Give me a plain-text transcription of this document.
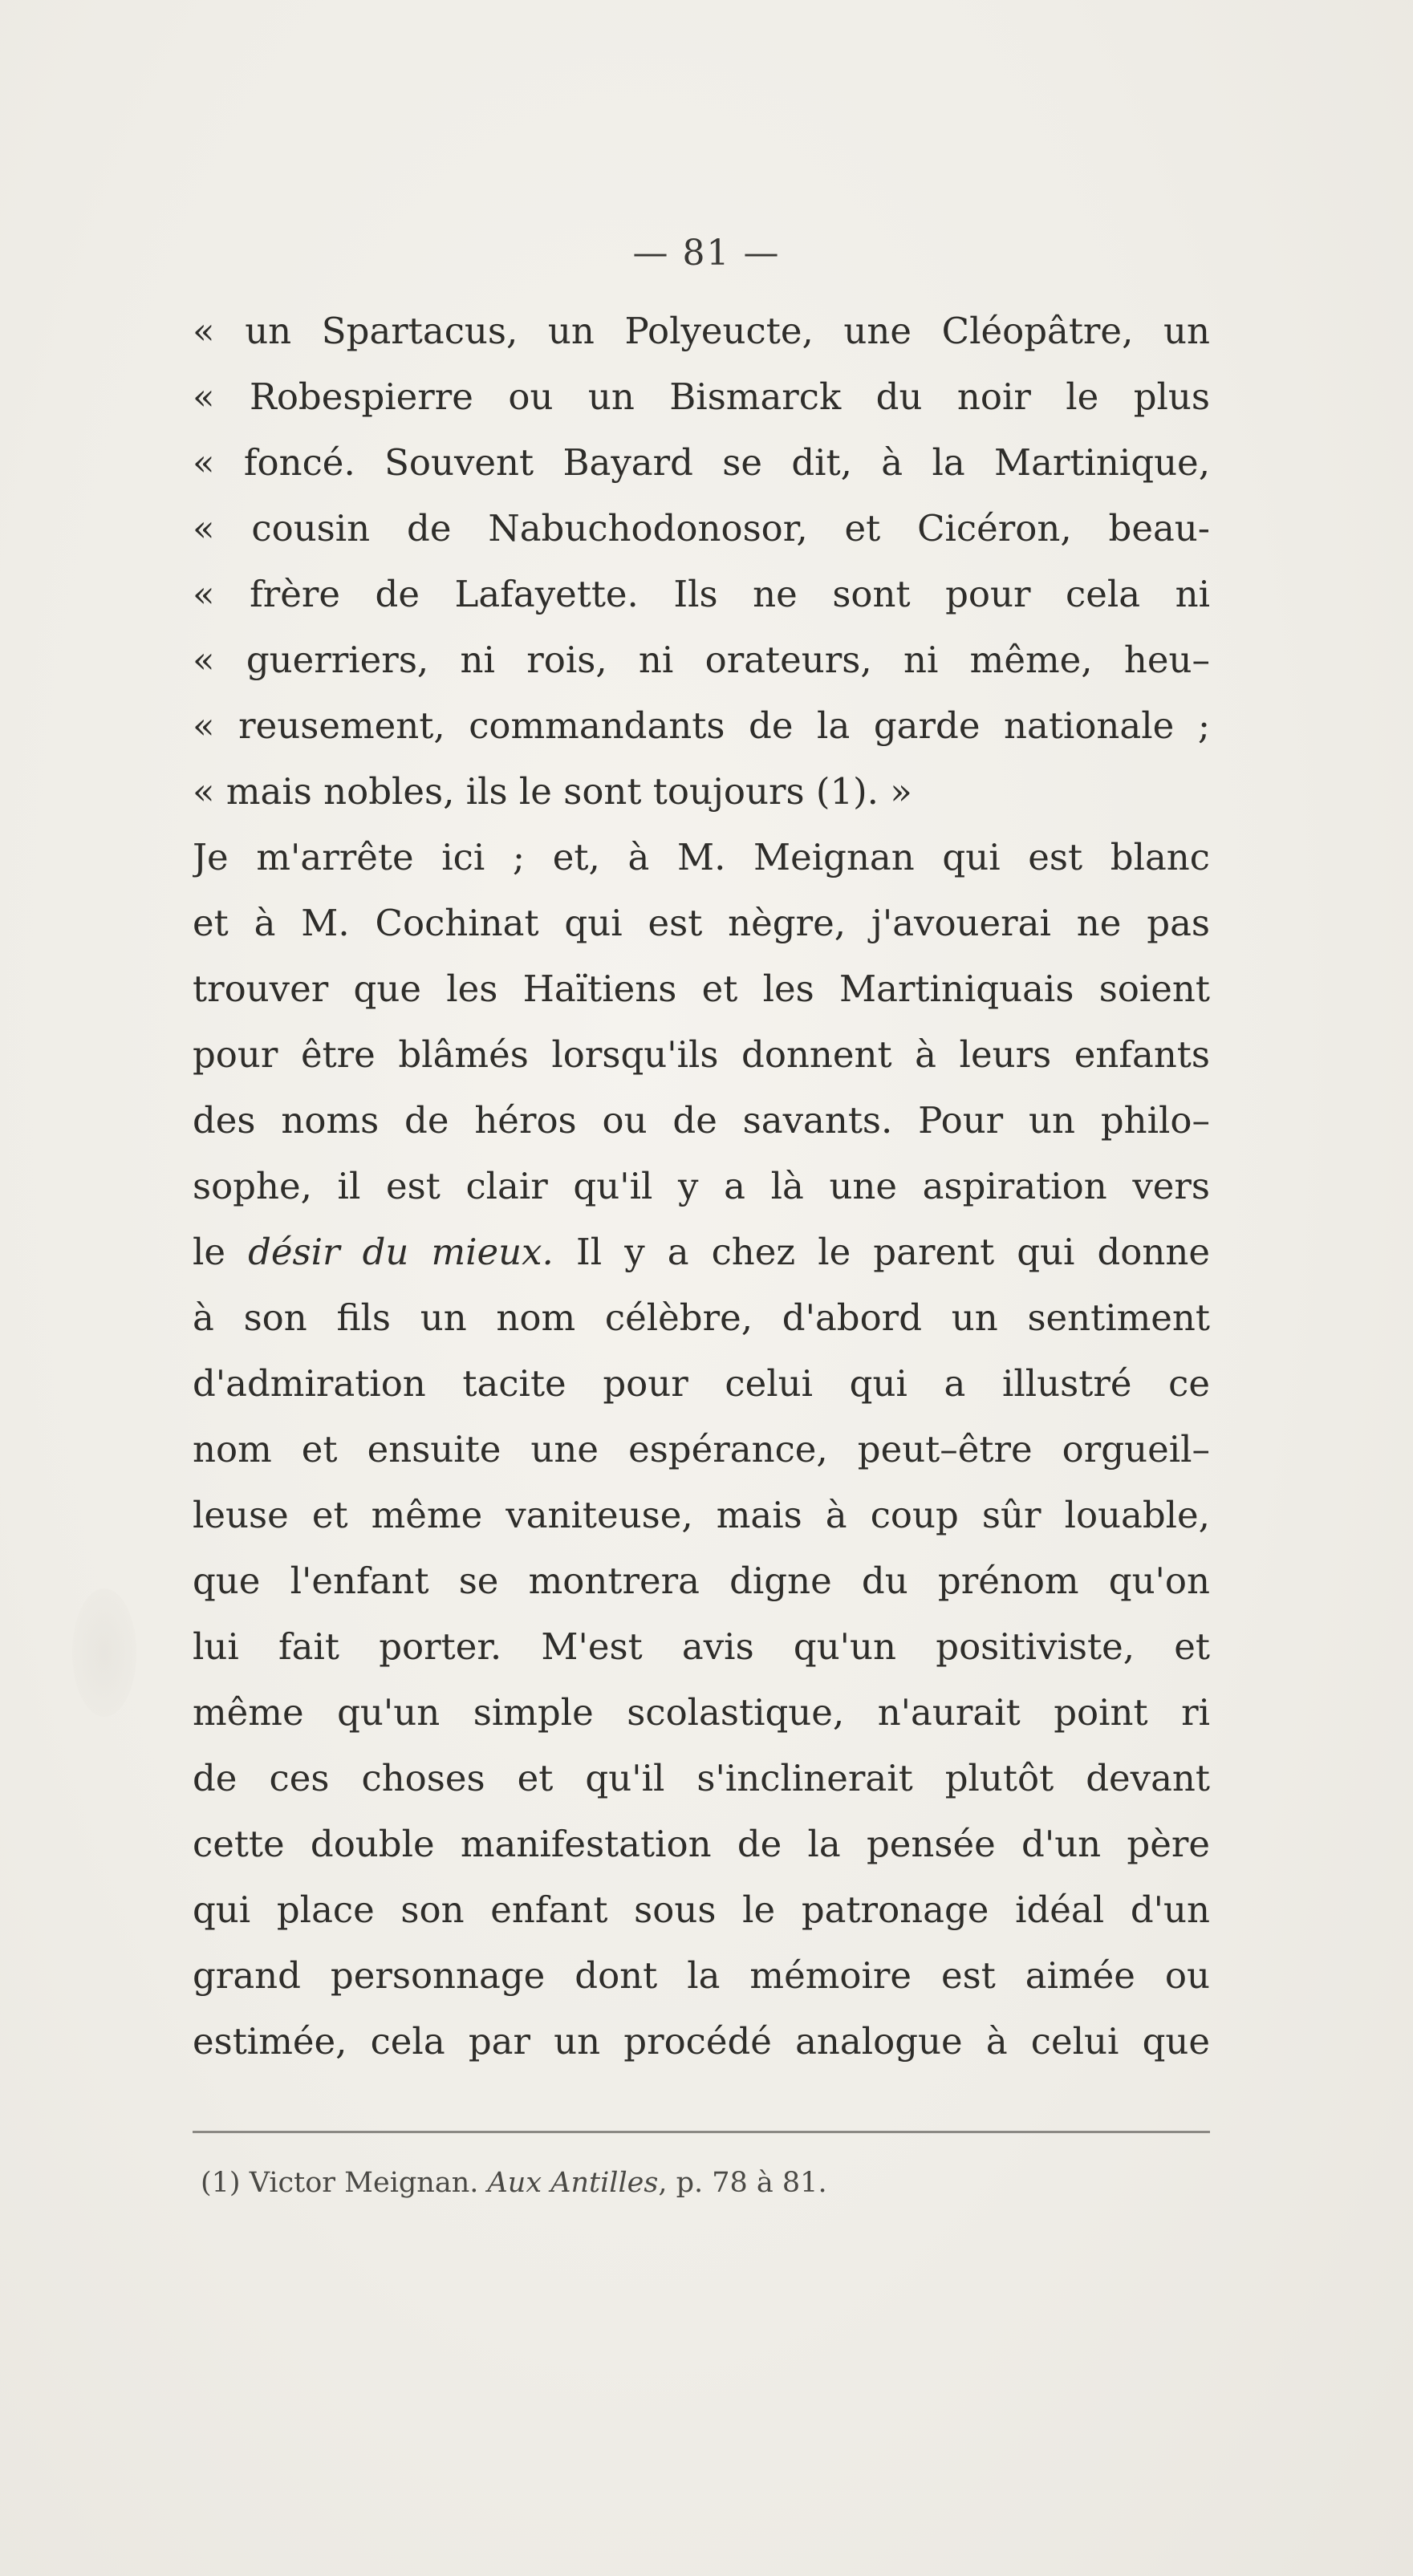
— 81 —
« un Spartacus, un Polyeucte, une Cléopâtre, un
« Robespierre ou un Bismarck du noir le plus
« foncé. Souvent Bayard se dit, à la Martinique,
« cousin de Nabuchodonosor, et Cicéron, beau-
« frère de Lafayette. Ils ne sont pour cela ni
« guerriers, ni rois, ni orateurs, ni même, heu–
« reusement, commandants de la garde nationale ;
« mais nobles, ils le sont toujours (1). »
Je m'arrête ici ; et, à M. Meignan qui est blanc
et à M. Cochinat qui est nègre, j'avouerai ne pas
trouver que les Haïtiens et les Martiniquais soient
pour être blâmés lorsqu'ils donnent à leurs enfants
des noms de héros ou de savants. Pour un philo–
sophe, il est clair qu'il y a là une aspiration vers
le désir du mieux. Il y a chez le parent qui donne
à son fils un nom célèbre, d'abord un sentiment
d'admiration tacite pour celui qui a illustré ce
nom et ensuite une espérance, peut–être orgueil–
leuse et même vaniteuse, mais à coup sûr louable,
que l'enfant se montrera digne du prénom qu'on
lui fait porter. M'est avis qu'un positiviste, et
même qu'un simple scolastique, n'aurait point ri
de ces choses et qu'il s'inclinerait plutôt devant
cette double manifestation de la pensée d'un père
qui place son enfant sous le patronage idéal d'un
grand personnage dont la mémoire est aimée ou
estimée, cela par un procédé analogue à celui que
(1) Victor Meignan. Aux Antilles, p. 78 à 81.
